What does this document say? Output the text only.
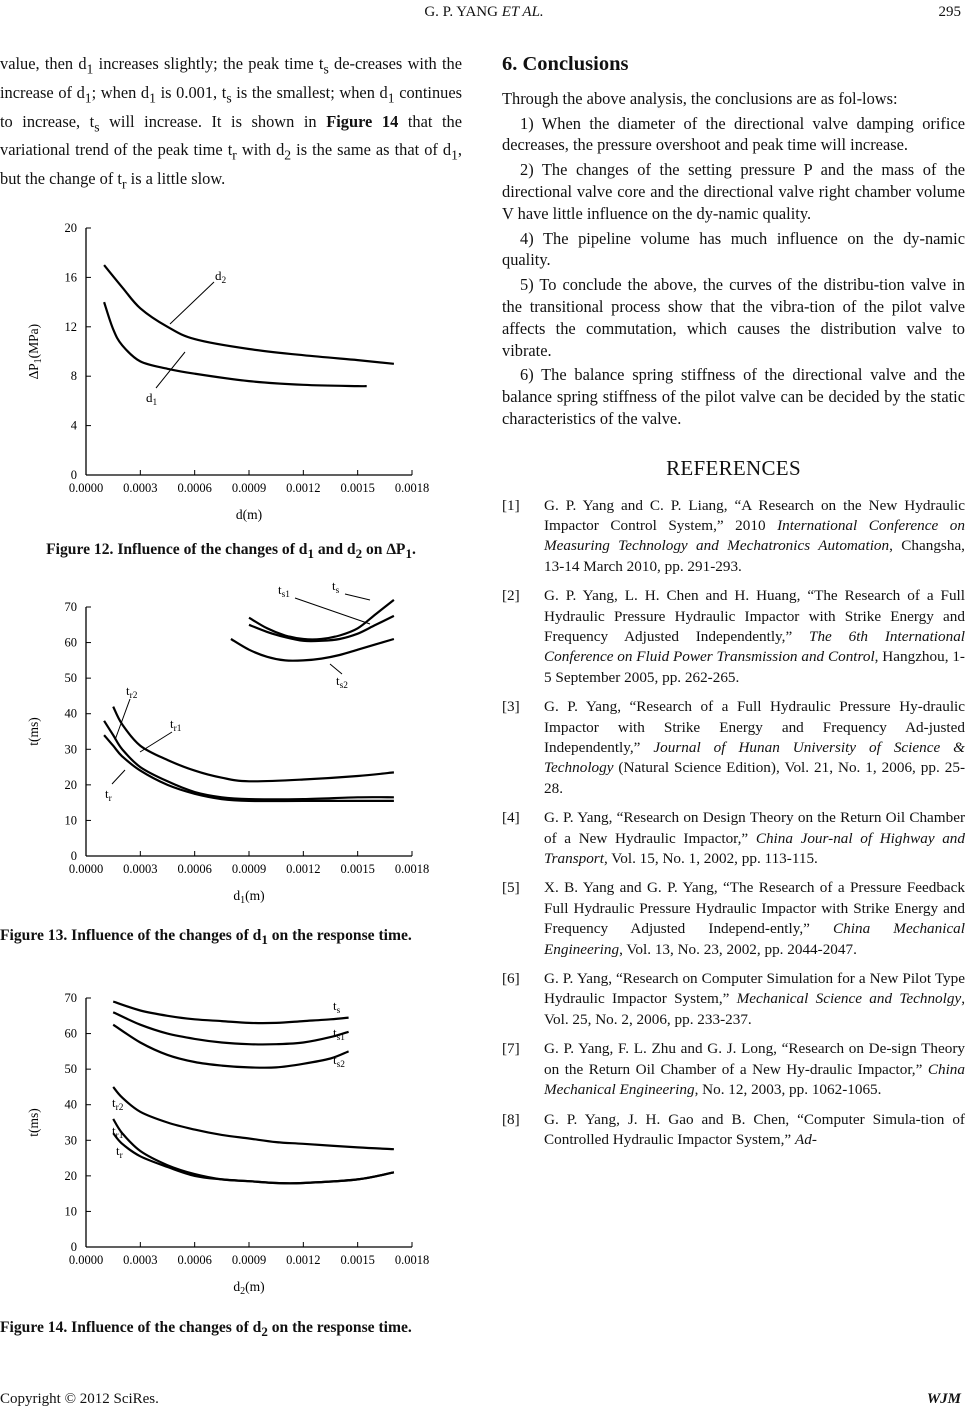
G. P. YANG ET AL.	295

value, then $d_1$ increases slightly; the peak time $t_s$ de-creases with the increase of $d_1$; when $d_1$ is 0.001, $t_s$ is the smallest; when $d_1$ continues to increase, $t_s$ will increase. It is shown in Figure 14 that the variational trend of the peak time $t_r$ with $d_2$ is the same as that of $d_1$, but the change of $t_r$ is a little slow.

0.0000 0.0003 0.0006 0.0009 0.0012 0.0015 0.0018
0
4
8
12
16
20
d(m)
$\Delta P_1(MPa)$
$d_2$
$d_1$
Figure 12. Influence of the changes of $d_1$ and $d_2$ on $\Delta P_1$.
0.0000 0.0003 0.0006 0.0009 0.0012 0.0015 0.0018
0
10
20
30
40
50
60
70
$d_1(m)$
t(ms)
$t_{s1}$
$t_s$
$t_{s2}$
$t_{r2}$
$t_{r1}$
$t_r$
Figure 13. Influence of the changes of $d_1$ on the response time.
0.0000 0.0003 0.0006 0.0009 0.0012 0.0015 0.0018
0
10
20
30
40
50
60
70
$d_2(m)$
t(ms)
$t_s$
$t_{s1}$
$t_{s2}$
$t_{r2}$
$t_{r1}$
$t_r$
Figure 14. Influence of the changes of $d_2$ on the response time.
6. Conclusions

Through the above analysis, the conclusions are as fol-lows:

1) When the diameter of the directional valve damping orifice decreases, the pressure overshoot and peak time will increase.

2) The changes of the setting pressure P and the mass of the directional valve core and the directional valve right chamber volume V have little influence on the dy-namic quality.

4) The pipeline volume has much influence on the dy-namic quality.

5) To conclude the above, the curves of the distribu-tion valve in the transitional process show that the vibra-tion of the pilot valve affects the commutation, which causes the distribution valve to vibrate.

6) The balance spring stiffness of the directional valve and the balance spring stiffness of the pilot valve can be decided by the static characteristics of the valve.

REFERENCES
[1]	G. P. Yang and C. P. Liang, “A Research on the New Hydraulic Impactor Control System,” 2010 International Conference on Measuring Technology and Mechatronics Automation, Changsha, 13-14 March 2010, pp. 291-293.
[2]	G. P. Yang, L. H. Chen and H. Huang, “The Research of a Full Hydraulic Pressure Hydraulic Impactor with Strike Energy and Frequency Adjusted Independently,” The 6th International Conference on Fluid Power Transmission and Control, Hangzhou, 1-5 September 2005, pp. 262-265.
[3]	G. P. Yang, “Research of a Full Hydraulic Pressure Hy-draulic Impactor with Strike Energy and Frequency Ad-justed Independently,” Journal of Hunan University of Science & Technology (Natural Science Edition), Vol. 21, No. 1, 2006, pp. 25-28.
[4]	G. P. Yang, “Research on Design Theory on the Return Oil Chamber of a New Hydraulic Impactor,” China Jour-nal of Highway and Transport, Vol. 15, No. 1, 2002, pp. 113-115.
[5]	X. B. Yang and G. P. Yang, “The Research of a Pressure Feedback Full Hydraulic Pressure Hydraulic Impactor with Strike Energy and Frequency Adjusted Independ-ently,” China Mechanical Engineering, Vol. 13, No. 23, 2002, pp. 2044-2047.
[6]	G. P. Yang, “Research on Computer Simulation for a New Pilot Type Hydraulic Impactor System,” Mechanical Science and Technolgy, Vol. 25, No. 2, 2006, pp. 233-237.
[7]	G. P. Yang, F. L. Zhu and G. J. Long, “Research on De-sign Theory on the Return Oil Chamber of a New Hy-draulic Impactor,” China Mechanical Engineering, No. 12, 2003, pp. 1062-1065.
[8]	G. P. Yang, J. H. Gao and B. Chen, “Computer Simula-tion of Controlled Hydraulic Impactor System,” Ad-
Copyright © 2012 SciRes.	WJM
